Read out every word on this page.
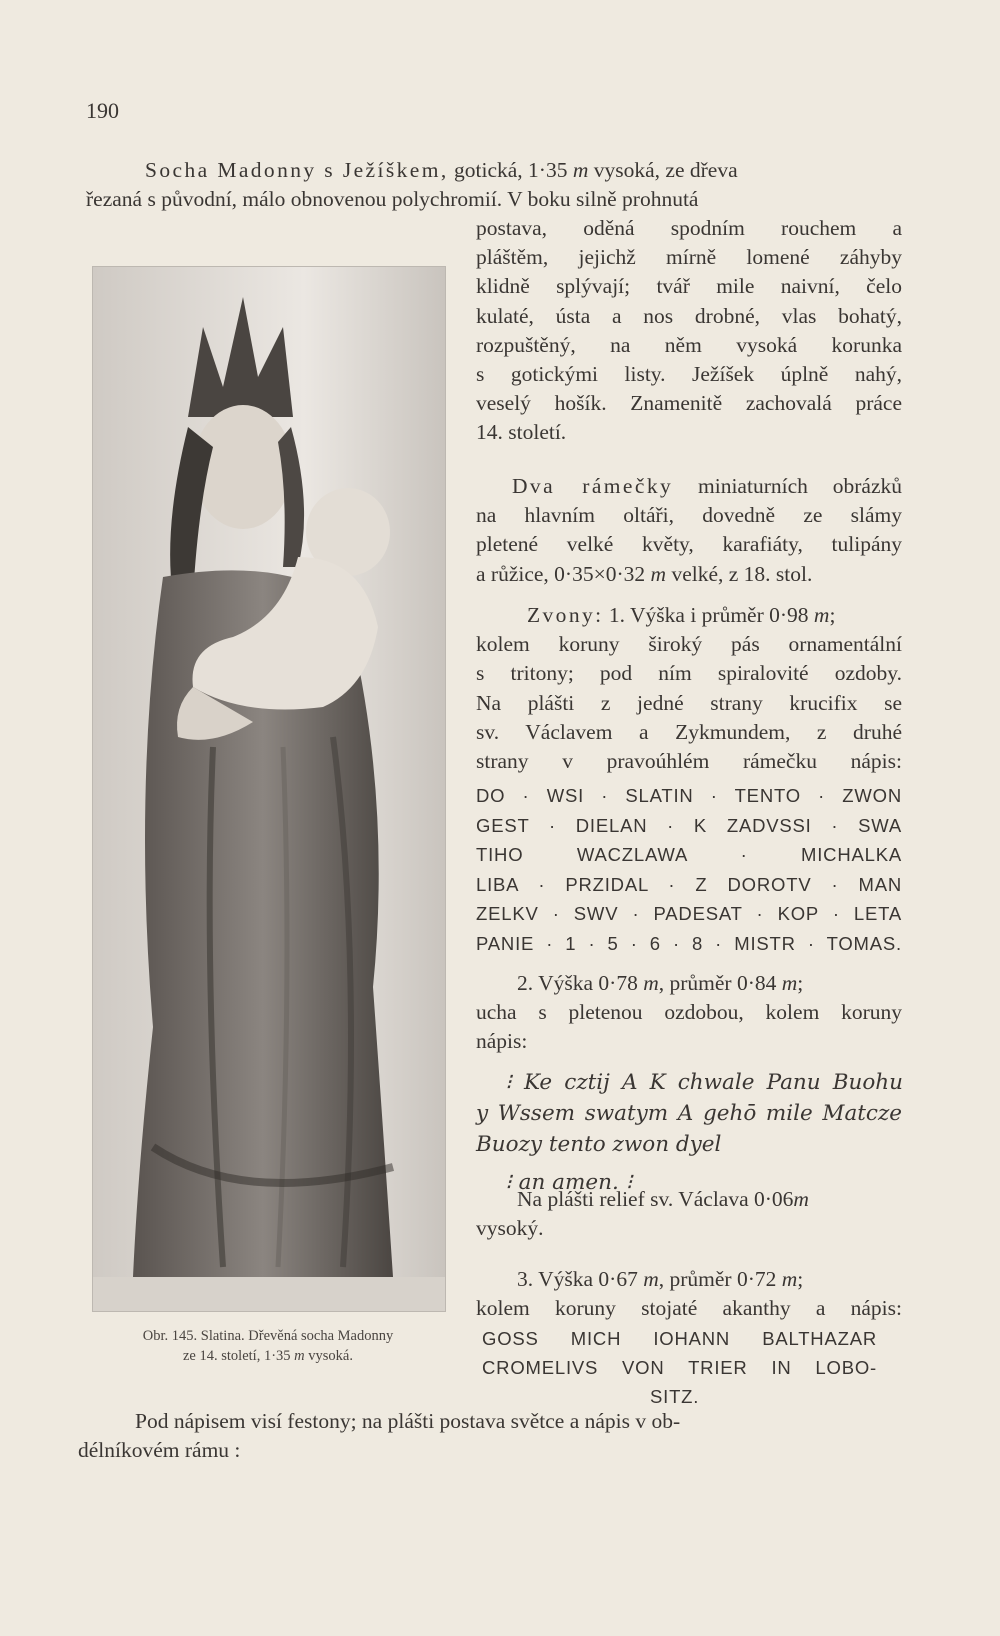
190
Socha Madonny s Ježíškem, gotická, 1·35 m vysoká, ze dřeva
řezaná s původní, málo obnovenou polychromií. V boku silně prohnutá
postava, oděná spodním rouchem a
pláštěm, jejichž mírně lomené záhyby
klidně splývají; tvář mile naivní, čelo
kulaté, ústa a nos drobné, vlas bohatý,
rozpuštěný, na něm vysoká korunka
s gotickými listy. Ježíšek úplně nahý,
veselý hošík. Znamenitě zachovalá práce
14. století.
Dva rámečky miniaturních obrázků
na hlavním oltáři, dovedně ze slámy
pletené velké květy, karafiáty, tulipány
a růžice, 0·35×0·32 m velké, z 18. stol.
Zvony: 1. Výška i průměr 0·98 m;
kolem koruny široký pás ornamentální
s tritony; pod ním spiralovité ozdoby.
Na plášti z jedné strany krucifix se
sv. Václavem a Zykmundem, z druhé
strany v pravoúhlém rámečku nápis:
DO · WSI · SLATIN · TENTO · ZWON
GEST · DIELAN · K ZADVSSI · SWA
TIHO WACZLAWA · MICHALKA
LIBA · PRZIDAL · Z DOROTV · MAN
ZELKV · SWV · PADESAT · KOP · LETA
PANIE · 1 · 5 · 6 · 8 · MISTR · TOMAS.
2. Výška 0·78 m, průměr 0·84 m;
ucha s pletenou ozdobou, kolem koruny
nápis:
⁝ Ke cztij A K chwale Panu Buohu
y Wssem swatym A gehō mile Matcze
Buozy tento zwon dyel
⁝ an amen. ⁝
Na plášti relief sv. Václava 0·06m
vysoký.
3. Výška 0·67 m, průměr 0·72 m;
kolem koruny stojaté akanthy a nápis:
GOSS MICH IOHANN BALTHAZAR
CROMELIVS VON TRIER IN LOBO-
SITZ.
Obr. 145. Slatina. Dřevěná socha Madonny
ze 14. století, 1·35 m vysoká.
Pod nápisem visí festony; na plášti postava světce a nápis v ob-
délníkovém rámu :
